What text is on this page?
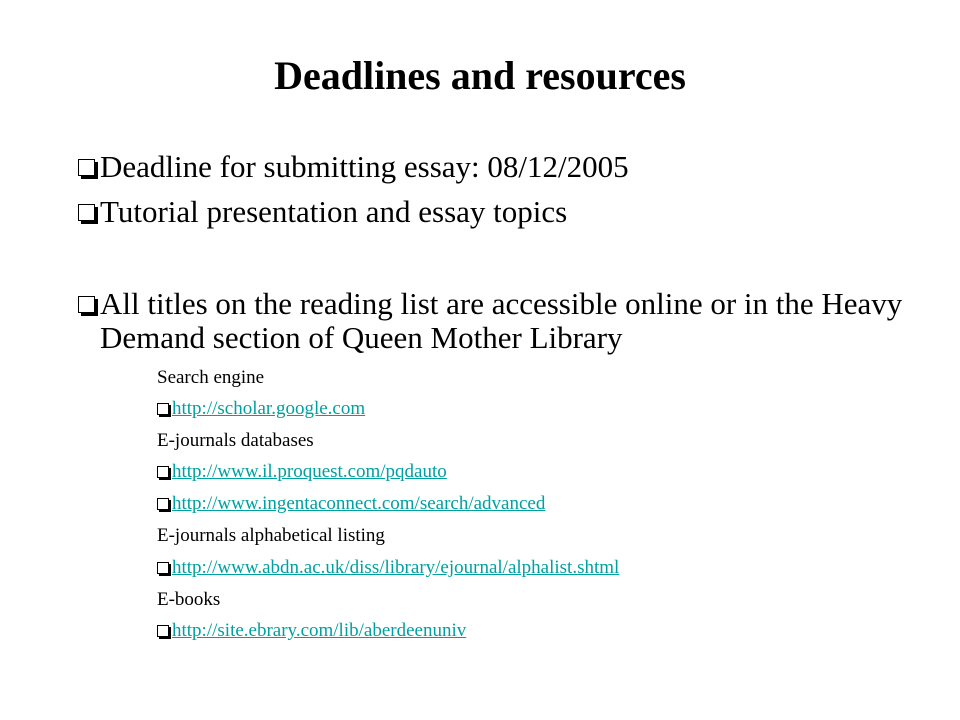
Deadlines and resources
Deadline for submitting essay: 08/12/2005
Tutorial presentation and essay topics
All titles on the reading list are accessible online or in the Heavy Demand section of Queen Mother Library
Search engine
http://scholar.google.com
E-journals databases
http://www.il.proquest.com/pqdauto
http://www.ingentaconnect.com/search/advanced
E-journals alphabetical listing
http://www.abdn.ac.uk/diss/library/ejournal/alphalist.shtml
E-books
http://site.ebrary.com/lib/aberdeenuniv
